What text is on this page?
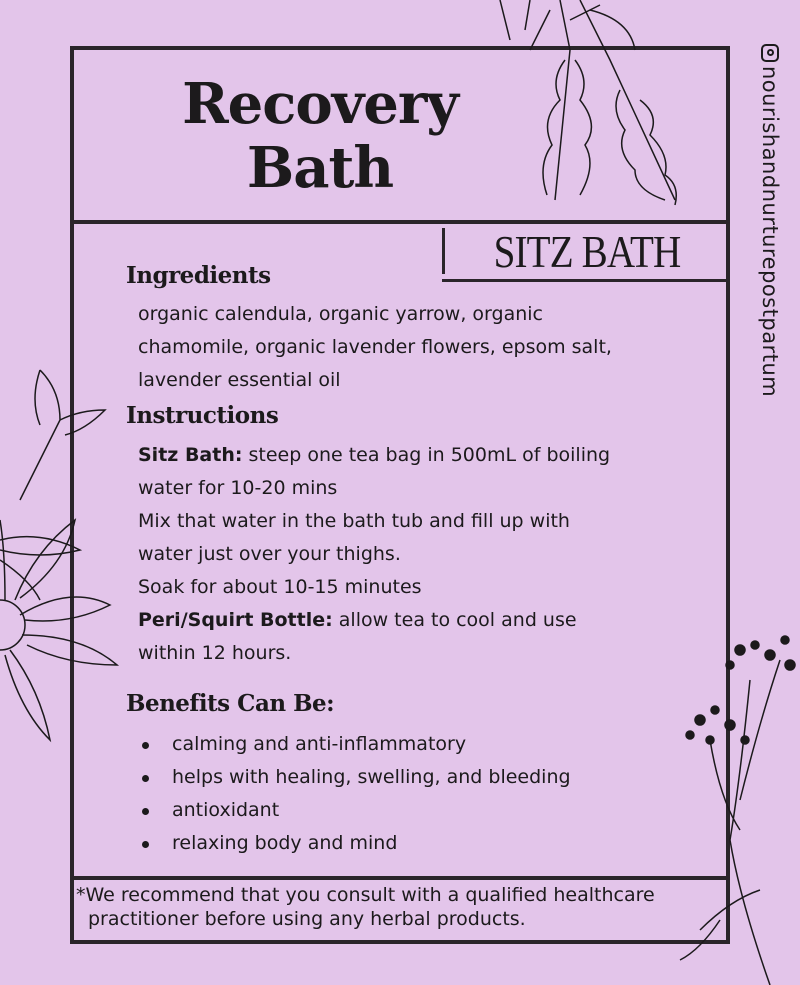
Recovery
Bath
SITZ BATH	nourishandnurturepostpartum
Ingredients
organic calendula, organic yarrow, organic
chamomile, organic lavender flowers, epsom salt,
lavender essential oil
Instructions
Sitz Bath: steep one tea bag in 500mL of boiling
water for 10-20 mins
Mix that water in the bath tub and fill up with
water just over your thighs.
Soak for about 10-15 minutes
Peri/Squirt Bottle: allow tea to cool and use
within 12 hours.
Benefits Can Be:
calming and anti-inflammatory
helps with healing, swelling, and bleeding
antioxidant
relaxing body and mind
*We recommend that you consult with a qualified healthcare
practitioner before using any herbal products.
